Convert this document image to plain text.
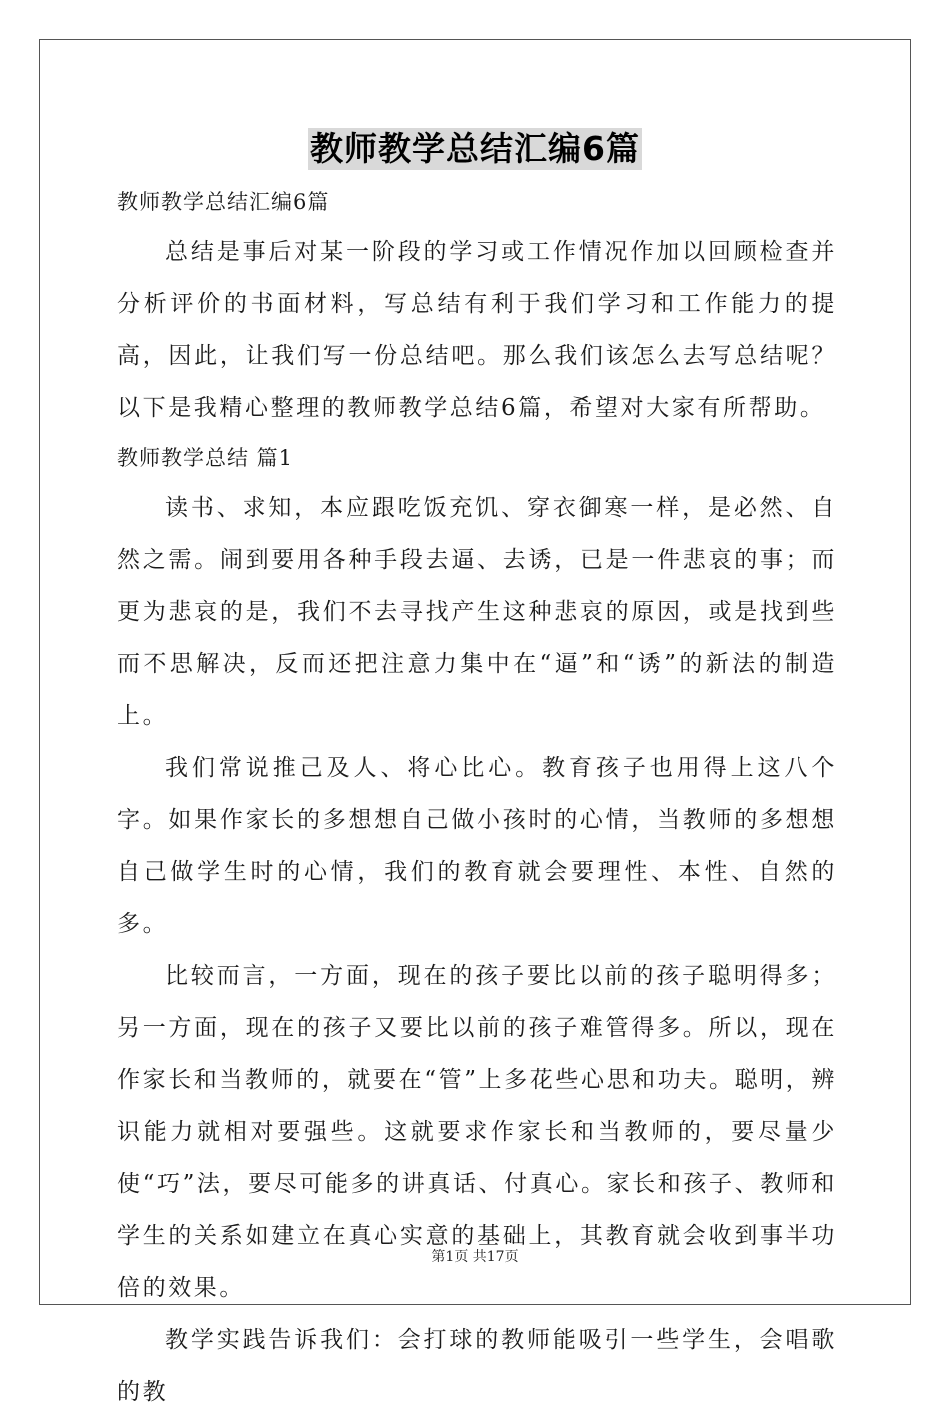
教师教学总结汇编6篇

教师教学总结汇编6篇

总结是事后对某一阶段的学习或工作情况作加以回顾检查并分析评价的书面材料，写总结有利于我们学习和工作能力的提高，因此，让我们写一份总结吧。那么我们该怎么去写总结呢？以下是我精心整理的教师教学总结6篇，希望对大家有所帮助。

教师教学总结 篇1

读书、求知，本应跟吃饭充饥、穿衣御寒一样，是必然、自然之需。闹到要用各种手段去逼、去诱，已是一件悲哀的事；而更为悲哀的是，我们不去寻找产生这种悲哀的原因，或是找到些而不思解决，反而还把注意力集中在“逼”和“诱”的新法的制造上。

我们常说推己及人、将心比心。教育孩子也用得上这八个字。如果作家长的多想想自己做小孩时的心情，当教师的多想想自己做学生时的心情，我们的教育就会要理性、本性、自然的多。

比较而言，一方面，现在的孩子要比以前的孩子聪明得多；另一方面，现在的孩子又要比以前的孩子难管得多。所以，现在作家长和当教师的，就要在“管”上多花些心思和功夫。聪明，辨识能力就相对要强些。这就要求作家长和当教师的，要尽量少使“巧”法，要尽可能多的讲真话、付真心。家长和孩子、教师和学生的关系如建立在真心实意的基础上，其教育就会收到事半功倍的效果。

教学实践告诉我们：会打球的教师能吸引一些学生，会唱歌的教

第1页 共17页
